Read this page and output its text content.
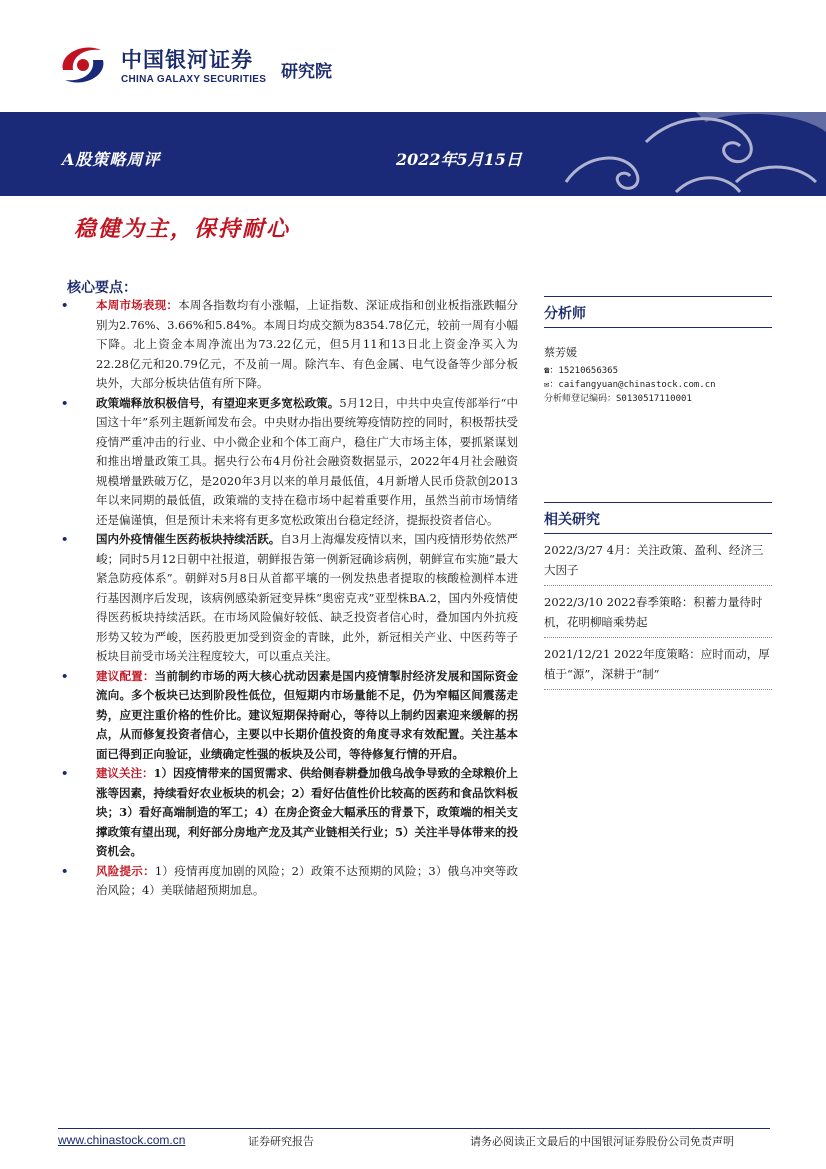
中国银河证券
CHINA GALAXY SECURITIES 研究院
A股策略周评	2022年5月15日
稳健为主，保持耐心
核心要点：
• 本周市场表现：本周各指数均有小涨幅，上证指数、深证成指和创业板指涨跌幅分别为2.76%、3.66%和5.84%。本周日均成交额为8354.78亿元，较前一周有小幅下降。北上资金本周净流出为73.22亿元，但5月11和13日北上资金净买入为22.28亿元和20.79亿元，不及前一周。除汽车、有色金属、电气设备等少部分板块外，大部分板块估值有所下降。
• 政策端释放积极信号，有望迎来更多宽松政策。5月12日，中共中央宣传部举行“中国这十年”系列主题新闻发布会。中央财办指出要统筹疫情防控的同时，积极帮扶受疫情严重冲击的行业、中小微企业和个体工商户，稳住广大市场主体，要抓紧谋划和推出增量政策工具。据央行公布4月份社会融资数据显示，2022年4月社会融资规模增量跌破万亿，是2020年3月以来的单月最低值，4月新增人民币贷款创2013年以来同期的最低值，政策端的支持在稳市场中起着重要作用，虽然当前市场情绪还是偏谨慎，但是预计未来将有更多宽松政策出台稳定经济，提振投资者信心。
• 国内外疫情催生医药板块持续活跃。自3月上海爆发疫情以来，国内疫情形势依然严峻；同时5月12日朝中社报道，朝鲜报告第一例新冠确诊病例，朝鲜宣布实施“最大紧急防疫体系”。朝鲜对5月8日从首都平壤的一例发热患者提取的核酸检测样本进行基因测序后发现，该病例感染新冠变异株“奥密克戎”亚型株BA.2，国内外疫情使得医药板块持续活跃。在市场风险偏好较低、缺乏投资者信心时，叠加国内外抗疫形势又较为严峻，医药股更加受到资金的青睐，此外，新冠相关产业、中医药等子板块目前受市场关注程度较大，可以重点关注。
• 建议配置：当前制约市场的两大核心扰动因素是国内疫情掣肘经济发展和国际资金流向。多个板块已达到阶段性低位，但短期内市场量能不足，仍为窄幅区间震荡走势，应更注重价格的性价比。建议短期保持耐心，等待以上制约因素迎来缓解的拐点，从而修复投资者信心，主要以中长期价值投资的角度寻求有效配置。关注基本面已得到正向验证，业绩确定性强的板块及公司，等待修复行情的开启。
• 建议关注：1）因疫情带来的国贸需求、供给侧春耕叠加俄乌战争导致的全球粮价上涨等因素，持续看好农业板块的机会；2）看好估值性价比较高的医药和食品饮料板块；3）看好高端制造的军工；4）在房企资金大幅承压的背景下，政策端的相关支撑政策有望出现，利好部分房地产龙及其产业链相关行业；5）关注半导体带来的投资机会。
• 风险提示：1）疫情再度加剧的风险；2）政策不达预期的风险；3）俄乌冲突等政治风险；4）美联储超预期加息。
分析师
蔡芳媛
☎：15210656365
✉：caifangyuan@chinastock.com.cn
分析师登记编码：S0130517110001
相关研究
2022/3/27 4月：关注政策、盈利、经济三大因子
2022/3/10 2022春季策略：积蓄力量待时机，花明柳暗乘势起
2021/12/21 2022年度策略：应时而动，厚植于“源”，深耕于“制”
www.chinastock.com.cn	证券研究报告	请务必阅读正文最后的中国银河证券股份公司免责声明
